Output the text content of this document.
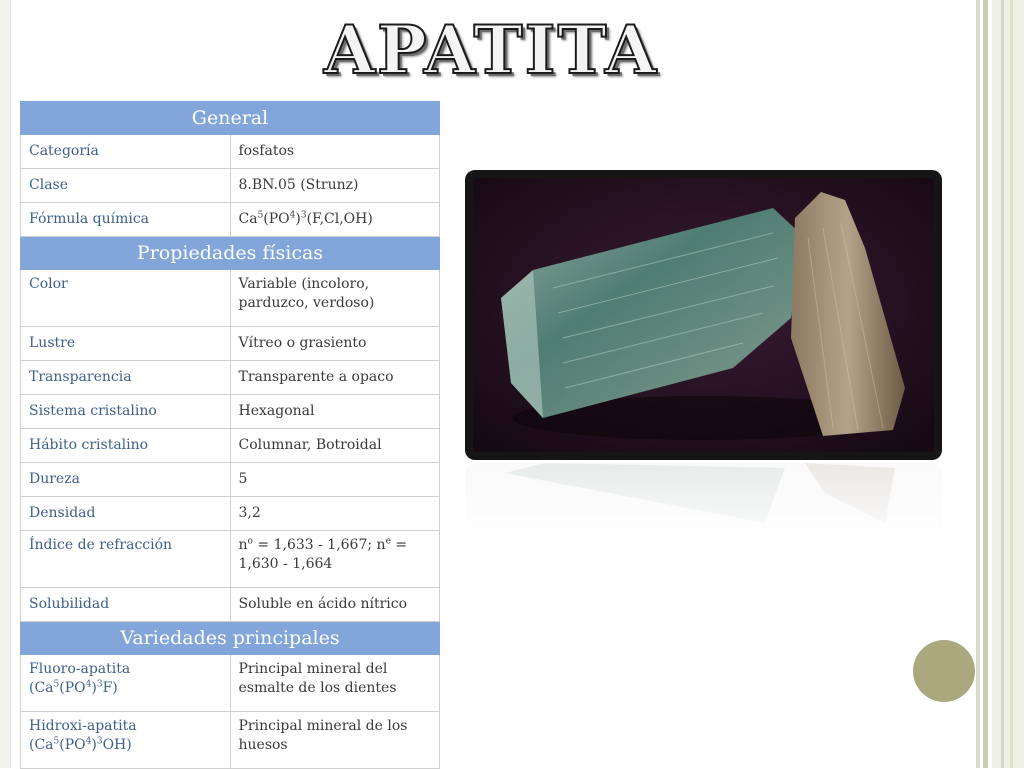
APATITA
General	
Categoría	fosfatos
Clase	8.BN.05 (Strunz)
Fórmula química	$Ca^5(PO^4)^3(F,Cl,OH)$
Propiedades físicas	
Color	Variable (incoloro, parduzco, verdoso)
Lustre	Vítreo o grasiento
Transparencia	Transparente a opaco
Sistema cristalino	Hexagonal
Hábito cristalino	Columnar, Botroidal
Dureza	5
Densidad	3,2
Índice de refracción	$n^o = 1,633 - 1,667$; $n^e = 1,630 - 1,664$
Solubilidad	Soluble en ácido nítrico
Variedades principales	
Fluoro-apatita $(Ca^5(PO^4)^3F)$	Principal mineral del esmalte de los dientes
Hidroxi-apatita $(Ca^5(PO^4)^3OH)$	Principal mineral de los huesos
